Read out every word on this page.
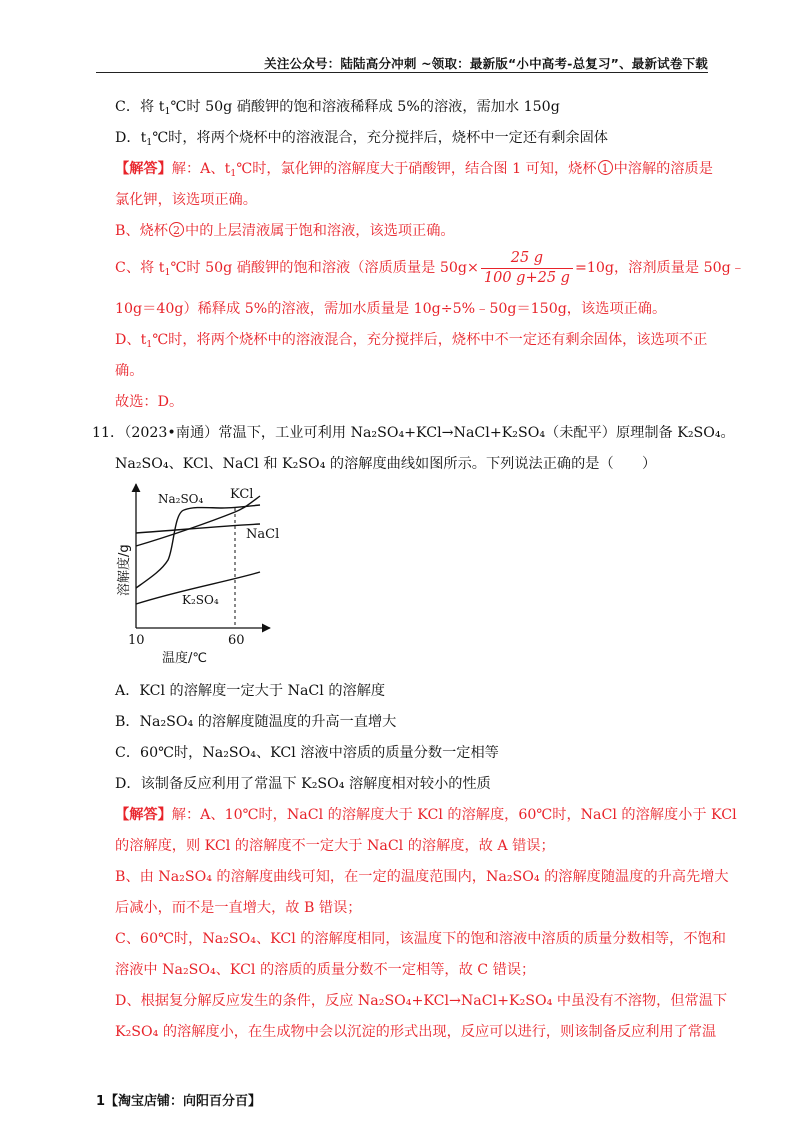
关注公众号：陆陆高分冲刺 ~领取：最新版“小中高考-总复习”、最新试卷下载
C．将 $t_1℃$时 50g 硝酸钾的饱和溶液稀释成 5%的溶液，需加水 150g
D．$t_1℃$时，将两个烧杯中的溶液混合，充分搅拌后，烧杯中一定还有剩余固体
【解答】解：A、$t_1℃$时，氯化钾的溶解度大于硝酸钾，结合图 1 可知，烧杯 1 中溶解的溶质是
氯化钾，该选项正确。
B、烧杯 2 中的上层清液属于饱和溶液，该选项正确。
C、将 $t_1℃$时 50g 硝酸钾的饱和溶液（溶质质量是 $50g\times \frac{25 g}{100 g+25 g} =10g$，溶剂质量是 50g﹣
10g＝40g）稀释成 5%的溶液，需加水质量是 10g÷5%﹣50g＝150g，该选项正确。
D、$t_1℃$时，将两个烧杯中的溶液混合，充分搅拌后，烧杯中不一定还有剩余固体，该选项不正
确。
故选：D。
11．（2023•南通）常温下，工业可利用 Na₂SO₄+KCl→NaCl+K₂SO₄（未配平）原理制备 K₂SO₄。
Na₂SO₄、KCl、NaCl 和 K₂SO₄ 的溶解度曲线如图所示。下列说法正确的是（　　）
Na₂SO₄ KCl
NaCl
K₂SO₄
溶解度/g
10	60
温度/℃
A．KCl 的溶解度一定大于 NaCl 的溶解度
B．Na₂SO₄ 的溶解度随温度的升高一直增大
C．60℃时，Na₂SO₄、KCl 溶液中溶质的质量分数一定相等
D．该制备反应利用了常温下 K₂SO₄ 溶解度相对较小的性质
【解答】解：A、10℃时，NaCl 的溶解度大于 KCl 的溶解度，60℃时，NaCl 的溶解度小于 KCl
的溶解度，则 KCl 的溶解度不一定大于 NaCl 的溶解度，故 A 错误；
B、由 Na₂SO₄ 的溶解度曲线可知，在一定的温度范围内，Na₂SO₄ 的溶解度随温度的升高先增大
后减小，而不是一直增大，故 B 错误；
C、60℃时，Na₂SO₄、KCl 的溶解度相同，该温度下的饱和溶液中溶质的质量分数相等，不饱和
溶液中 Na₂SO₄、KCl 的溶质的质量分数不一定相等，故 C 错误；
D、根据复分解反应发生的条件，反应 Na₂SO₄+KCl→NaCl+K₂SO₄ 中虽没有不溶物，但常温下
K₂SO₄ 的溶解度小，在生成物中会以沉淀的形式出现，反应可以进行，则该制备反应利用了常温
1【淘宝店铺：向阳百分百】
